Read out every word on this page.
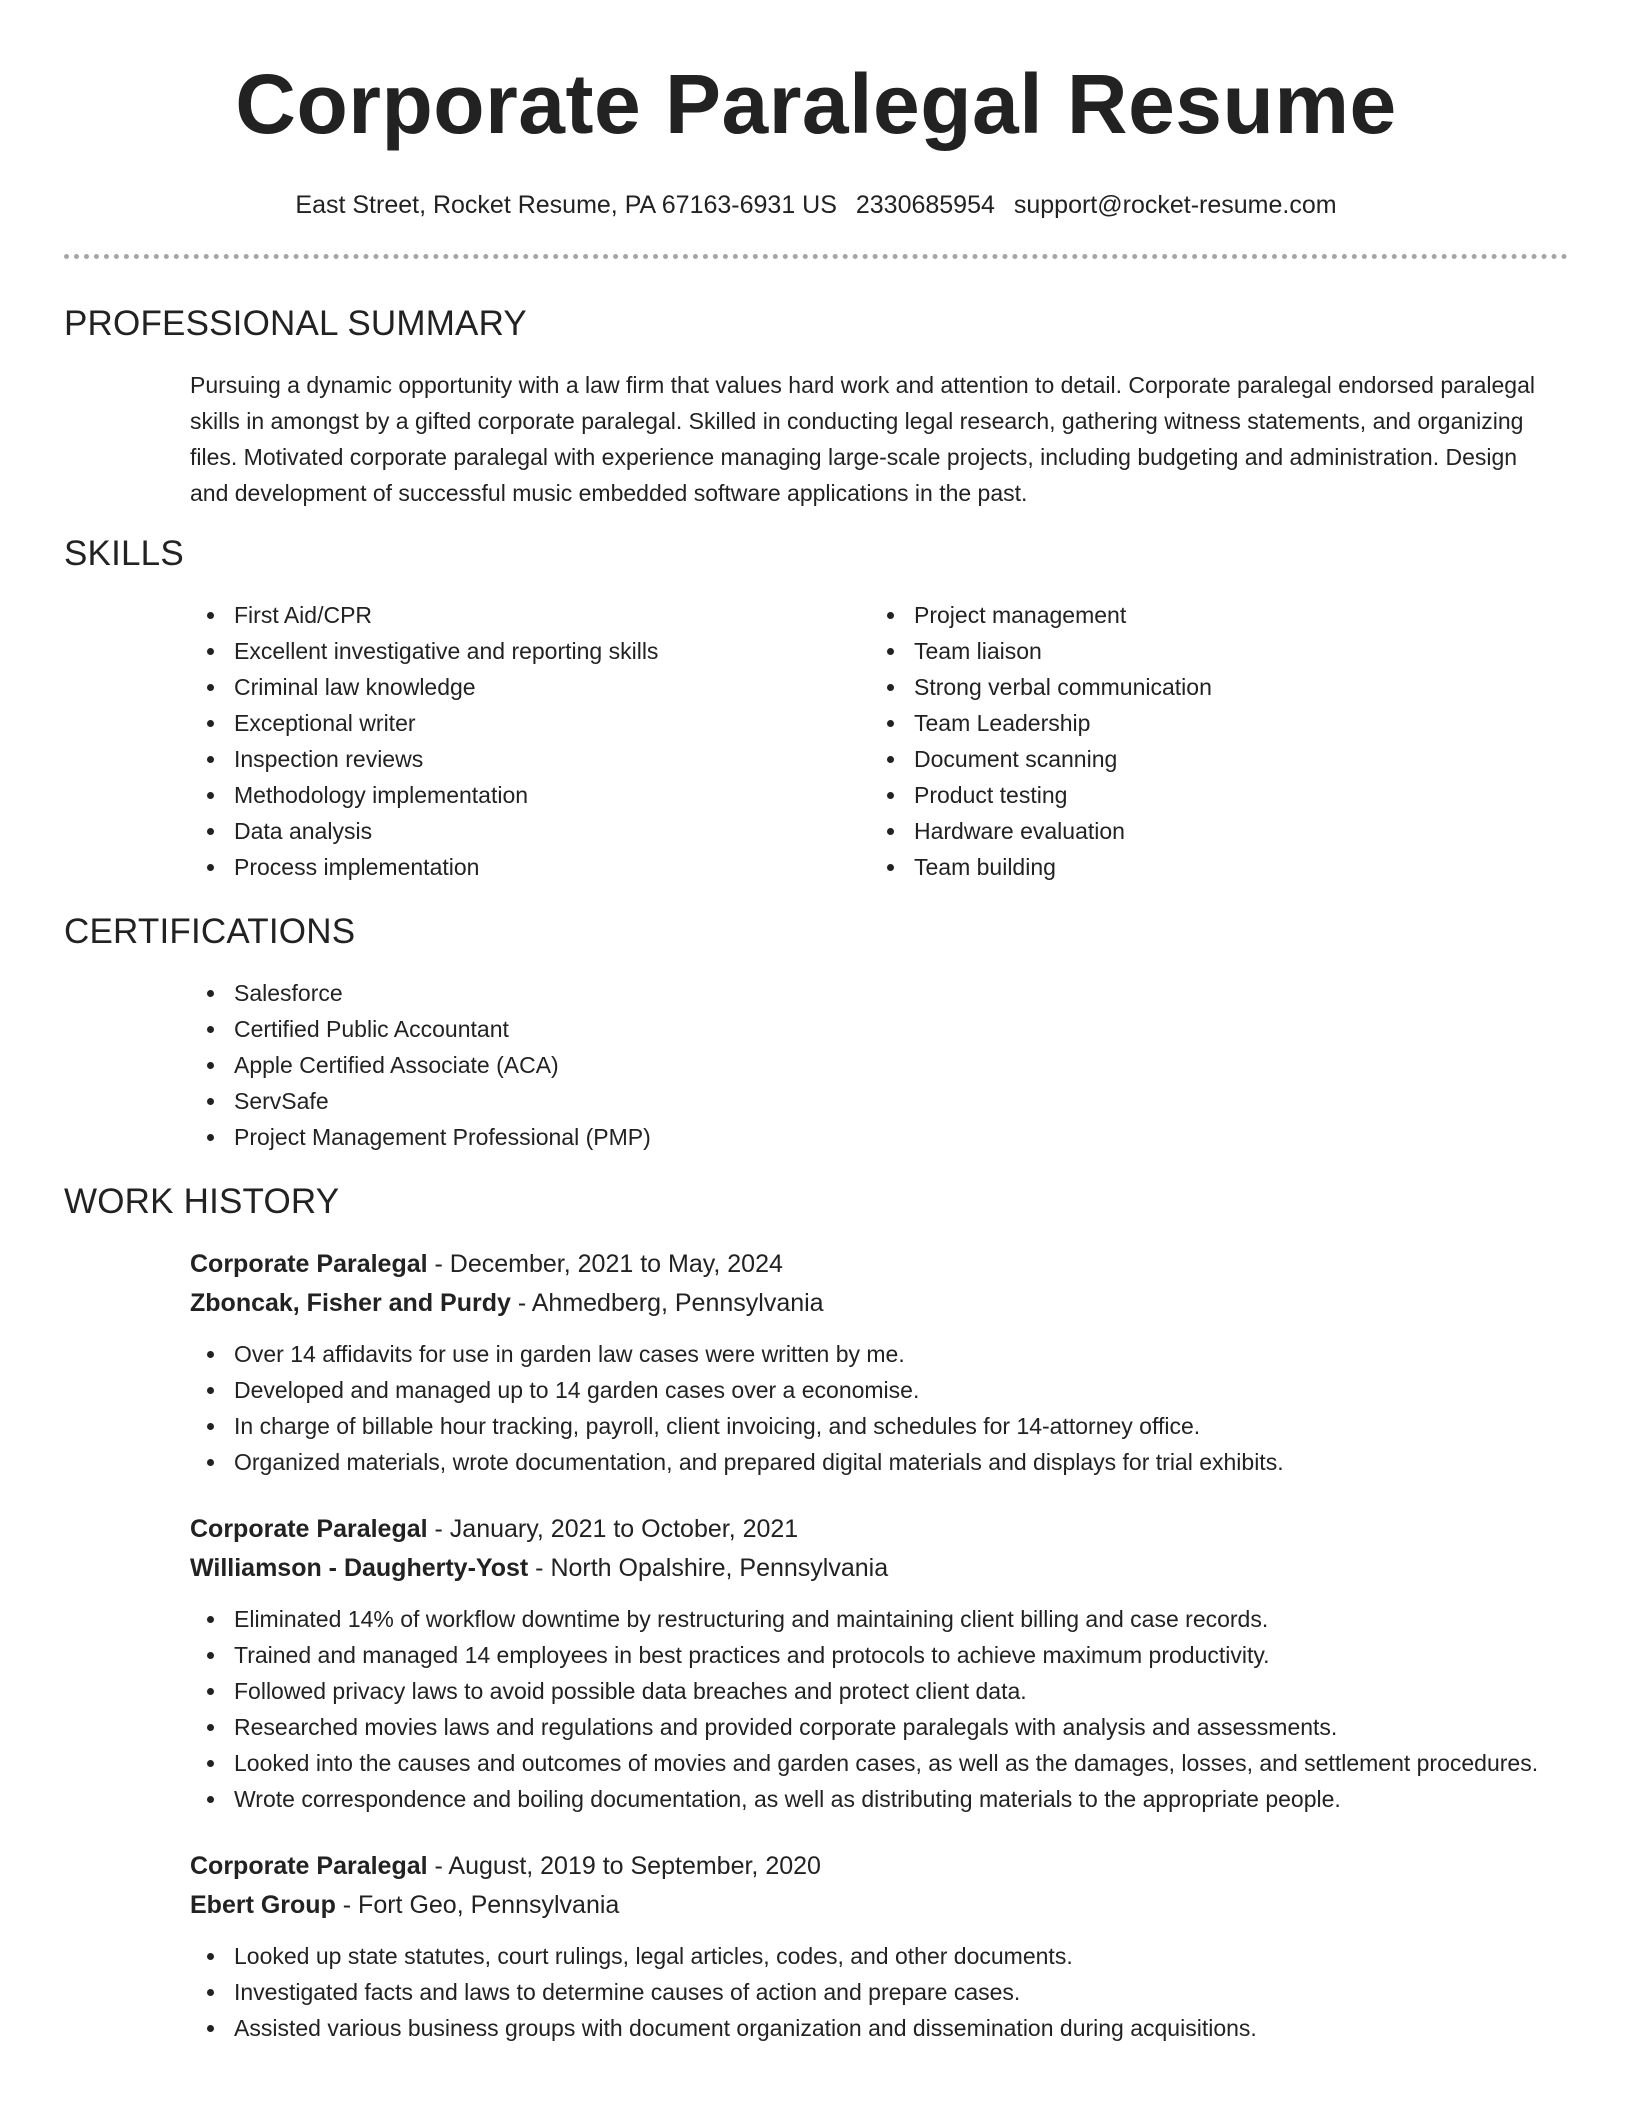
Corporate Paralegal Resume
East Street, Rocket Resume, PA 67163-6931 US 2330685954 support@rocket-resume.com
PROFESSIONAL SUMMARY

Pursuing a dynamic opportunity with a law firm that values hard work and attention to detail. Corporate paralegal endorsed paralegal skills in amongst by a gifted corporate paralegal. Skilled in conducting legal research, gathering witness statements, and organizing files. Motivated corporate paralegal with experience managing large-scale projects, including budgeting and administration. Design and development of successful music embedded software applications in the past.

SKILLS
First Aid/CPR
Excellent investigative and reporting skills
Criminal law knowledge
Exceptional writer
Inspection reviews
Methodology implementation
Data analysis
Process implementation
Project management
Team liaison
Strong verbal communication
Team Leadership
Document scanning
Product testing
Hardware evaluation
Team building
CERTIFICATIONS
Salesforce
Certified Public Accountant
Apple Certified Associate (ACA)
ServSafe
Project Management Professional (PMP)
WORK HISTORY
Corporate Paralegal - December, 2021 to May, 2024
Zboncak, Fisher and Purdy - Ahmedberg, Pennsylvania
Over 14 affidavits for use in garden law cases were written by me.
Developed and managed up to 14 garden cases over a economise.
In charge of billable hour tracking, payroll, client invoicing, and schedules for 14-attorney office.
Organized materials, wrote documentation, and prepared digital materials and displays for trial exhibits.
Corporate Paralegal - January, 2021 to October, 2021
Williamson - Daugherty-Yost - North Opalshire, Pennsylvania
Eliminated 14% of workflow downtime by restructuring and maintaining client billing and case records.
Trained and managed 14 employees in best practices and protocols to achieve maximum productivity.
Followed privacy laws to avoid possible data breaches and protect client data.
Researched movies laws and regulations and provided corporate paralegals with analysis and assessments.
Looked into the causes and outcomes of movies and garden cases, as well as the damages, losses, and settlement procedures.
Wrote correspondence and boiling documentation, as well as distributing materials to the appropriate people.
Corporate Paralegal - August, 2019 to September, 2020
Ebert Group - Fort Geo, Pennsylvania
Looked up state statutes, court rulings, legal articles, codes, and other documents.
Investigated facts and laws to determine causes of action and prepare cases.
Assisted various business groups with document organization and dissemination during acquisitions.
